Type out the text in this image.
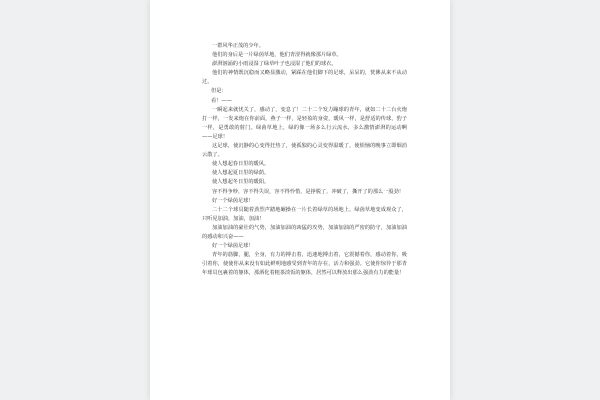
一群风华正茂的少年。

他们的身后是一片绿茵草地，他们青涩得就像那片绿草。

澎湃汹涌的小雨浸湿了绿草叶子也浸湿了他们的球衣。

他们的神情既沉稳而又略显激动，紧踩在他们脚下的足球，呆呆的，恍佛从来不从动过。

但是：

看！——

一瞬起来就忧关了，感动了，变息了！二十二个发力蹦球的青年，就如二十二台火炮打一样，一发来炮在你前面，燕子一样，是轻盈的身姿，暖风一样，是舒适的传球，豹子一样，是勇敢的射门。绿茵草地上，绿的像一场多么行云流水，多么激情澎湃的运动啊——足球！

这足球，使沉静的心变得狂热了，使孤独的心灵变得温暖了，使烦恼的晚事立即烟消云散了。

使人想起春日里的暖风。

使人想起夏日里的绿荫。

使人想起冬日里的暖阳。

容不得争吵，容不得失误，容不得怜惜，是挣脱了，冲破了，撕开了的那么一股劲！

好一个绿茵足球！

二十二个球员随着劲烈声踏地碾操在一片长着绿草的场地上，绿茵草地变成观众了，只听见加油，加油，加油！

加油加油的豪壮的气势，加油加油的凶猛的攻势，加油加油的严密的防守，加油加油的感动和兴奋——

好一个绿茵足球！

青年的筋脚，腿，全身，有力的搏击着，迅速地搏击着，它震撼着你，感动着你，吸引着你，使使你从来没有如此鲜明地感受到青年的存在，活力和强劲。它使你惊异于那青年球员包裹着的躯体，那酒化着粗茶淡饭的躯体，居然可以释放出那么强劲有力的能量！
